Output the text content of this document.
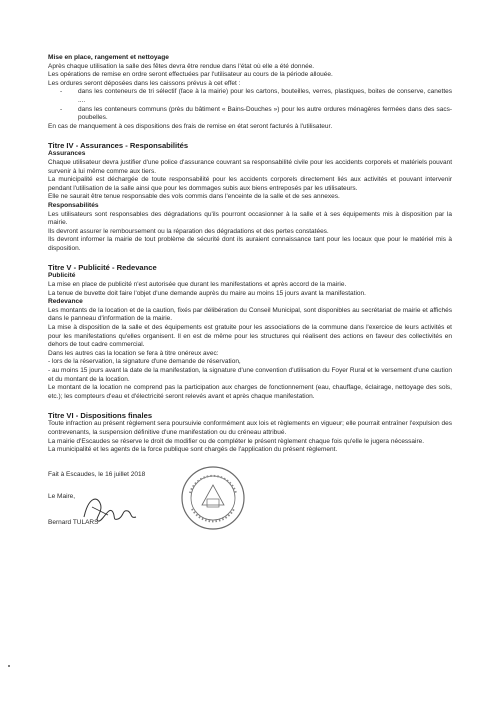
Mise en place, rangement et nettoyage

Après chaque utilisation la salle des fêtes devra être rendue dans l'état où elle a été donnée.

Les opérations de remise en ordre seront effectuées par l'utilisateur au cours de la période allouée.

Les ordures seront déposées dans les caissons prévus à cet effet :

- dans les conteneurs de tri sélectif (face à la mairie) pour les cartons, bouteilles, verres, plastiques, boites de conserve, canettes ....
- dans les conteneurs communs (près du bâtiment « Bains-Douches ») pour les autre ordures ménagères fermées dans des sacs-poubelles.

En cas de manquement à ces dispositions des frais de remise en état seront facturés à l'utilisateur.

Titre IV - Assurances - Responsabilités

Assurances

Chaque utilisateur devra justifier d'une police d'assurance couvrant sa responsabilité civile pour les accidents corporels et matériels pouvant survenir à lui même comme aux tiers.

La municipalité est déchargée de toute responsabilité pour les accidents corporels directement liés aux activités et pouvant intervenir pendant l'utilisation de la salle ainsi que pour les dommages subis aux biens entreposés par les utilisateurs.

Elle ne saurait être tenue responsable des vols commis dans l'enceinte de la salle et de ses annexes.

Responsabilités

Les utilisateurs sont responsables des dégradations qu'ils pourront occasionner à la salle et à ses équipements mis à disposition par la mairie.

Ils devront assurer le remboursement ou la réparation des dégradations et des pertes constatées.

Ils devront informer la mairie de tout problème de sécurité dont ils auraient connaissance tant pour les locaux que pour le matériel mis à disposition.

Titre V - Publicité - Redevance

Publicité

La mise en place de publicité n'est autorisée que durant les manifestations et après accord de la mairie.

La tenue de buvette doit faire l'objet d'une demande auprès du maire au moins 15 jours avant la manifestation.

Redevance

Les montants de la location et de la caution, fixés par délibération du Conseil Municipal, sont disponibles au secrétariat de mairie et affichés dans le panneau d'information de la mairie.

La mise à disposition de la salle et des équipements est gratuite pour les associations de la commune dans l'exercice de leurs activités et pour les manifestations qu'elles organisent. Il en est de même pour les structures qui réalisent des actions en faveur des collectivités en dehors de tout cadre commercial.

Dans les autres cas la location se fera à titre onéreux avec:

- lors de la réservation, la signature d'une demande de réservation,

- au moins 15 jours avant la date de la manifestation, la signature d'une convention d'utilisation du Foyer Rural et le versement d'une caution et du montant de la location.

Le montant de la location ne comprend pas la participation aux charges de fonctionnement (eau, chauffage, éclairage, nettoyage des sols, etc.); les compteurs d'eau et d'électricité seront relevés avant et après chaque manifestation.

Titre VI - Dispositions finales

Toute infraction au présent règlement sera poursuivie conformément aux lois et règlements en vigueur; elle pourrait entraîner l'expulsion des contrevenants, la suspension définitive d'une manifestation ou du créneau attribué.

La mairie d'Escaudes se réserve le droit de modifier ou de compléter le présent règlement chaque fois qu'elle le jugera nécessaire.

La municipalité et les agents de la force publique sont chargés de l'application du présent règlement.

Fait à Escaudes, le 16 juillet 2018
Le Maire,
Bernard TULARS
